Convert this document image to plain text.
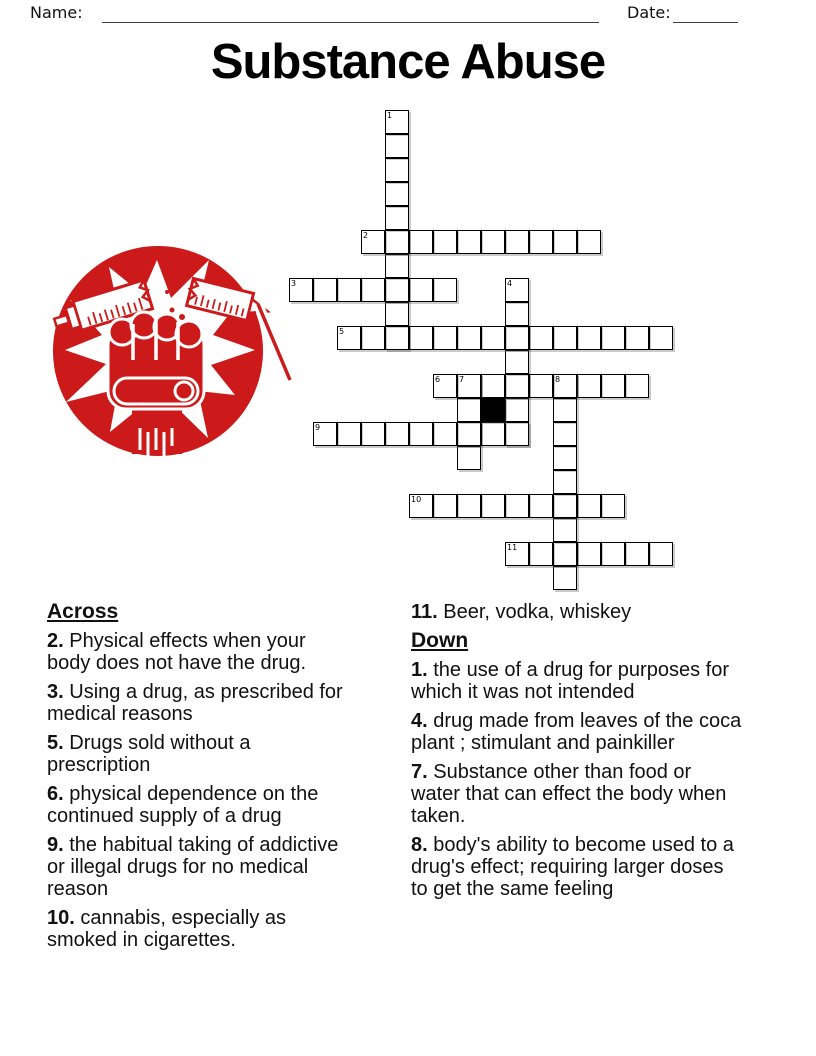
Name:	Date:
Substance Abuse
1
2
3	4
5
6 7	8
9
10
11
Across
2. Physical effects when your body does not have the drug.
3. Using a drug, as prescribed for medical reasons
5. Drugs sold without a prescription
6. physical dependence on the continued supply of a drug
9. the habitual taking of addictive or illegal drugs for no medical reason
10. cannabis, especially as smoked in cigarettes.
11. Beer, vodka, whiskey
Down
1. the use of a drug for purposes for which it was not intended
4. drug made from leaves of the coca plant ; stimulant and painkiller
7. Substance other than food or water that can effect the body when taken.
8. body's ability to become used to a drug's effect; requiring larger doses to get the same feeling
